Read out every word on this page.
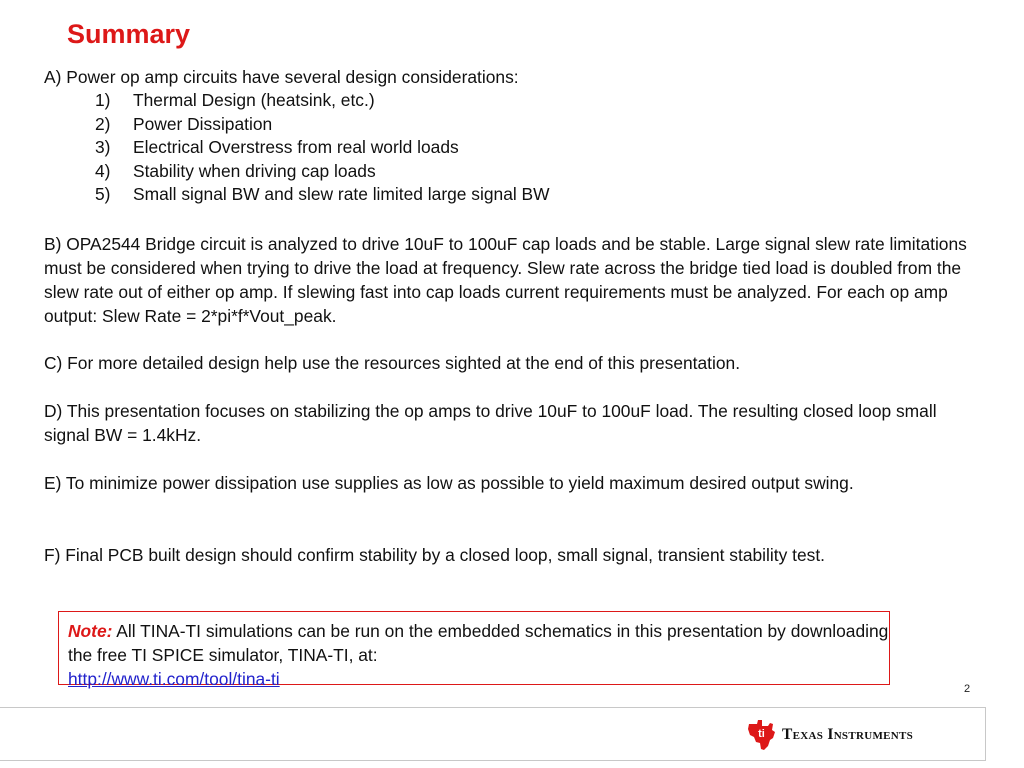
Summary

A) Power op amp circuits have several design considerations:

1)	Thermal Design (heatsink, etc.)
2)	Power Dissipation
3)	Electrical Overstress from real world loads
4)	Stability when driving cap loads
5)	Small signal BW and slew rate limited large signal BW

B) OPA2544 Bridge circuit is analyzed to drive 10uF to 100uF cap loads and be stable. Large signal slew rate limitations must be considered when trying to drive the load at frequency. Slew rate across the bridge tied load is doubled from the slew rate out of either op amp. If slewing fast into cap loads current requirements must be analyzed. For each op amp output: Slew Rate = 2*pi*f*Vout_peak.

C) For more detailed design help use the resources sighted at the end of this presentation.

D) This presentation focuses on stabilizing the op amps to drive 10uF to 100uF load. The resulting closed loop small signal BW = 1.4kHz.

E) To minimize power dissipation use supplies as low as possible to yield maximum desired output swing.

F) Final PCB built design should confirm stability by a closed loop, small signal, transient stability test.

Note: All TINA-TI simulations can be run on the embedded schematics in this presentation by downloading the free TI SPICE simulator, TINA-TI, at:
http://www.ti.com/tool/tina-ti	2
ti Texas Instruments
